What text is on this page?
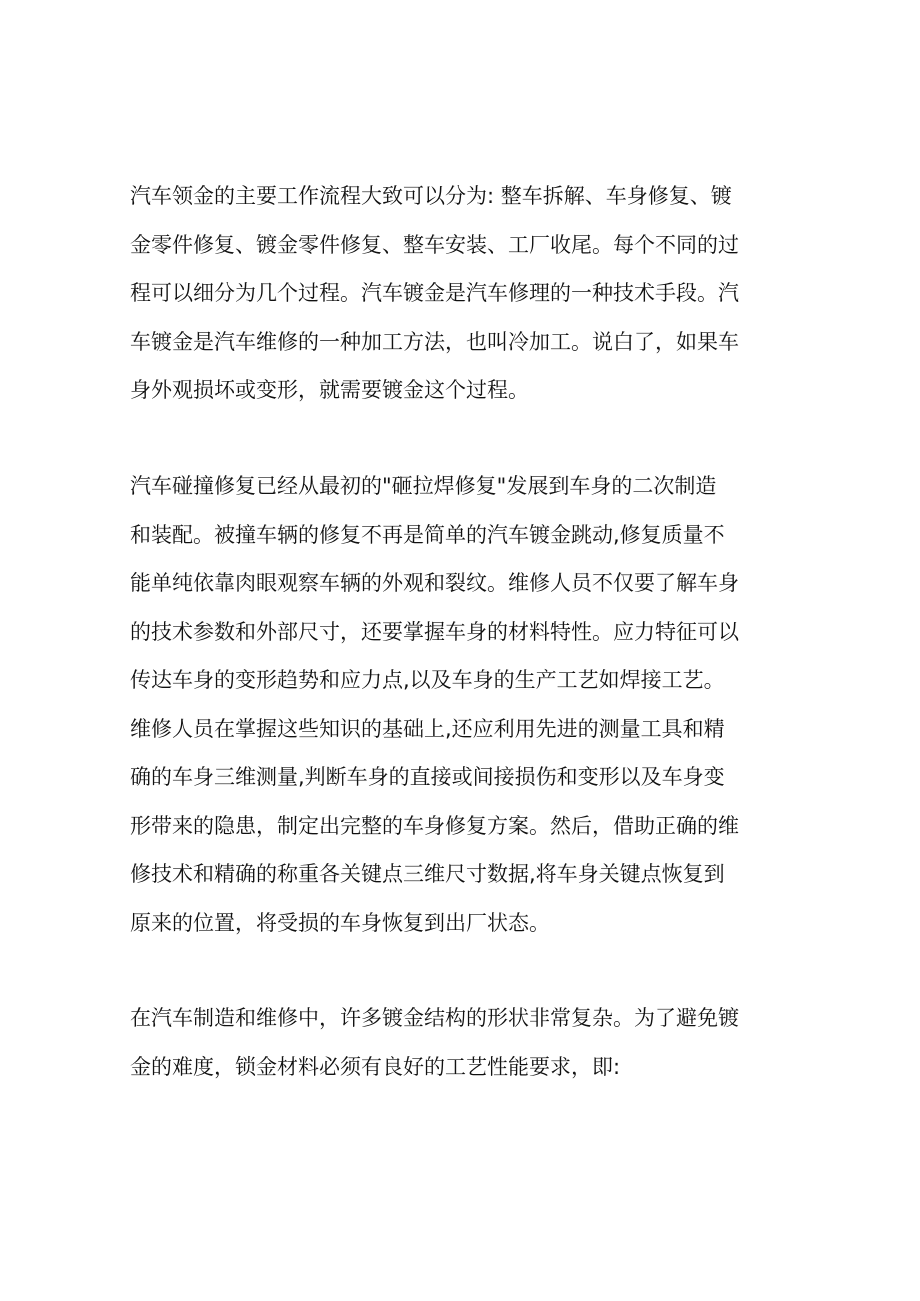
汽车领金的主要工作流程大致可以分为: 整车拆解、车身修复、镀
金零件修复、镀金零件修复、整车安装、工厂收尾。每个不同的过
程可以细分为几个过程。汽车镀金是汽车修理的一种技术手段。汽
车镀金是汽车维修的一种加工方法，也叫冷加工。说白了，如果车
身外观损坏或变形，就需要镀金这个过程。

汽车碰撞修复已经从最初的"砸拉焊修复"发展到车身的二次制造
和装配。被撞车辆的修复不再是简单的汽车镀金跳动,修复质量不
能单纯依靠肉眼观察车辆的外观和裂纹。维修人员不仅要了解车身
的技术参数和外部尺寸，还要掌握车身的材料特性。应力特征可以
传达车身的变形趋势和应力点,以及车身的生产工艺如焊接工艺。
维修人员在掌握这些知识的基础上,还应利用先进的测量工具和精
确的车身三维测量,判断车身的直接或间接损伤和变形以及车身变
形带来的隐患，制定出完整的车身修复方案。然后，借助正确的维
修技术和精确的称重各关键点三维尺寸数据,将车身关键点恢复到
原来的位置，将受损的车身恢复到出厂状态。

在汽车制造和维修中，许多镀金结构的形状非常复杂。为了避免镀
金的难度，锁金材料必须有良好的工艺性能要求，即:
